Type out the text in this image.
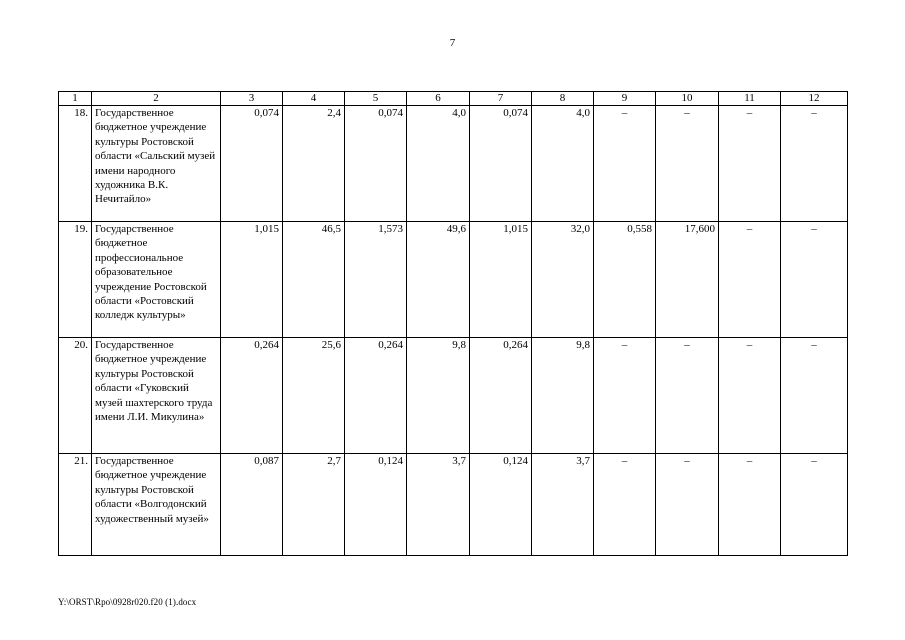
7
1	2	3	4	5	6	7	8	9	10	11	12
18.	Государственное бюджетное учреждение культуры Ростовской области «Сальский музей имени народного художника В.К. Нечитайло»	0,074	2,4	0,074	4,0	0,074	4,0	–	–	–	–
19.	Государственное бюджетное профессиональное образовательное учреждение Ростовской области «Ростовский колледж культуры»	1,015	46,5	1,573	49,6	1,015	32,0	0,558	17,600	–	–
20.	Государственное бюджетное учреждение культуры Ростовской области «Гуковский музей шахтерского труда имени Л.И. Микулина»	0,264	25,6	0,264	9,8	0,264	9,8	–	–	–	–
21.	Государственное бюджетное учреждение культуры Ростовской области «Волгодонский художественный музей»	0,087	2,7	0,124	3,7	0,124	3,7	–	–	–	–
Y:\ORST\Rpo\0928r020.f20 (1).docx
